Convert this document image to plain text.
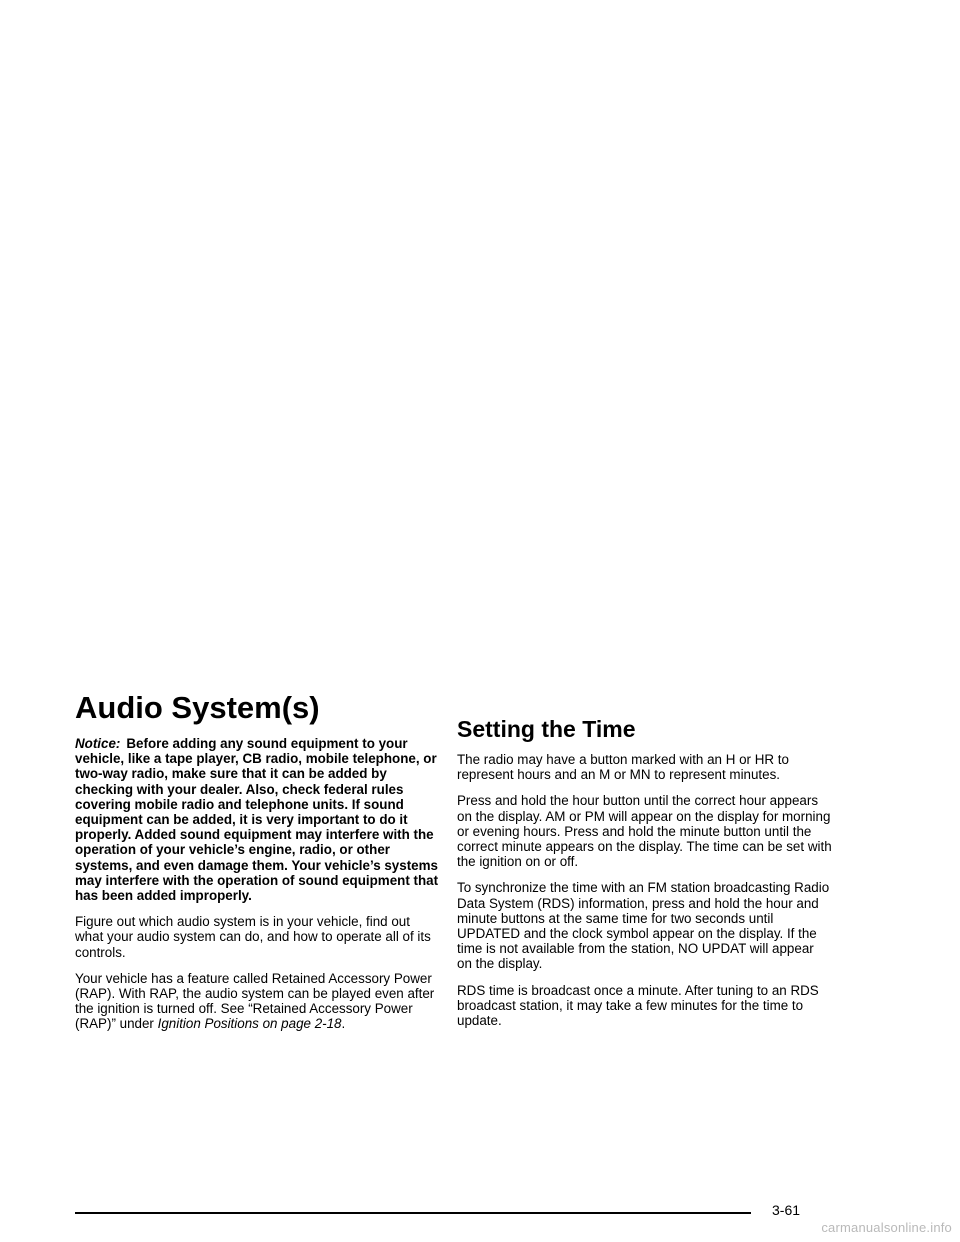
Audio System(s)

Notice: Before adding any sound equipment to your vehicle, like a tape player, CB radio, mobile telephone, or two-way radio, make sure that it can be added by checking with your dealer. Also, check federal rules covering mobile radio and telephone units. If sound equipment can be added, it is very important to do it properly. Added sound equipment may interfere with the operation of your vehicle’s engine, radio, or other systems, and even damage them. Your vehicle’s systems may interfere with the operation of sound equipment that has been added improperly.

Figure out which audio system is in your vehicle, find out what your audio system can do, and how to operate all of its controls.

Your vehicle has a feature called Retained Accessory Power (RAP). With RAP, the audio system can be played even after the ignition is turned off. See “Retained Accessory Power (RAP)” under Ignition Positions on page 2-18.

Setting the Time

The radio may have a button marked with an H or HR to represent hours and an M or MN to represent minutes.

Press and hold the hour button until the correct hour appears on the display. AM or PM will appear on the display for morning or evening hours. Press and hold the minute button until the correct minute appears on the display. The time can be set with the ignition on or off.

To synchronize the time with an FM station broadcasting Radio Data System (RDS) information, press and hold the hour and minute buttons at the same time for two seconds until UPDATED and the clock symbol appear on the display. If the time is not available from the station, NO UPDAT will appear on the display.

RDS time is broadcast once a minute. After tuning to an RDS broadcast station, it may take a few minutes for the time to update.

3-61
carmanualsonline.info
